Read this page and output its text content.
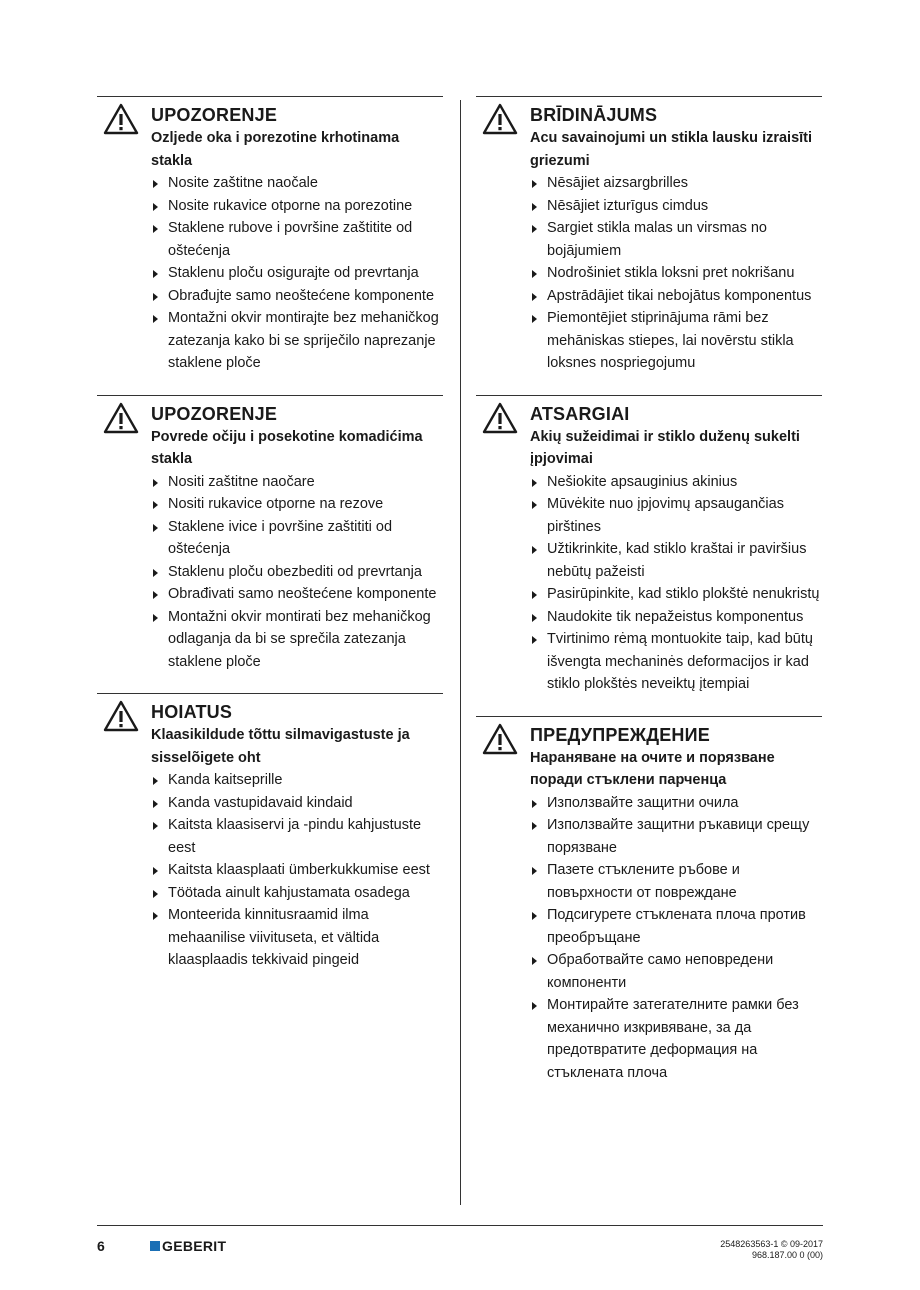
UPOZORENJE
Ozljede oka i porezotine krhotinama stakla
Nosite zaštitne naočale
Nosite rukavice otporne na porezotine
Staklene rubove i površine zaštitite od oštećenja
Staklenu ploču osigurajte od prevrtanja
Obrađujte samo neoštećene komponente
Montažni okvir montirajte bez mehaničkog zatezanja kako bi se spriječilo naprezanje staklene ploče
UPOZORENJE
Povrede očiju i posekotine komadićima stakla
Nositi zaštitne naočare
Nositi rukavice otporne na rezove
Staklene ivice i površine zaštititi od oštećenja
Staklenu ploču obezbediti od prevrtanja
Obrađivati samo neoštećene komponente
Montažni okvir montirati bez mehaničkog odlaganja da bi se sprečila zatezanja staklene ploče
HOIATUS
Klaasikildude tõttu silmavigastuste ja sisselõigete oht
Kanda kaitseprille
Kanda vastupidavaid kindaid
Kaitsta klaasiservi ja -pindu kahjustuste eest
Kaitsta klaasplaati ümberkukkumise eest
Töötada ainult kahjustamata osadega
Monteerida kinnitusraamid ilma mehaanilise viivituseta, et vältida klaasplaadis tekkivaid pingeid
BRĪDINĀJUMS
Acu savainojumi un stikla lausku izraisīti griezumi
Nēsājiet aizsargbrilles
Nēsājiet izturīgus cimdus
Sargiet stikla malas un virsmas no bojājumiem
Nodrošiniet stikla loksni pret nokrišanu
Apstrādājiet tikai nebojātus komponentus
Piemontējiet stiprinājuma rāmi bez mehāniskas stiepes, lai novērstu stikla loksnes nospriegojumu
ATSARGIAI
Akių sužeidimai ir stiklo duženų sukelti įpjovimai
Nešiokite apsauginius akinius
Mūvėkite nuo įpjovimų apsaugančias pirštines
Užtikrinkite, kad stiklo kraštai ir paviršius nebūtų pažeisti
Pasirūpinkite, kad stiklo plokštė nenukristų
Naudokite tik nepažeistus komponentus
Tvirtinimo rėmą montuokite taip, kad būtų išvengta mechaninės deformacijos ir kad stiklo plokštės neveiktų įtempiai
ПРЕДУПРЕЖДЕНИЕ
Нараняване на очите и порязване поради стъклени парченца
Използвайте защитни очила
Използвайте защитни ръкавици срещу порязване
Пазете стъклените ръбове и повърхности от повреждане
Подсигурете стъклената плоча против преобръщане
Обработвайте само неповредени компоненти
Монтирайте затегателните рамки без механично изкривяване, за да предотвратите деформация на стъклената плоча
6	GEBERIT	2548263563-1 © 09-2017
968.187.00 0 (00)
